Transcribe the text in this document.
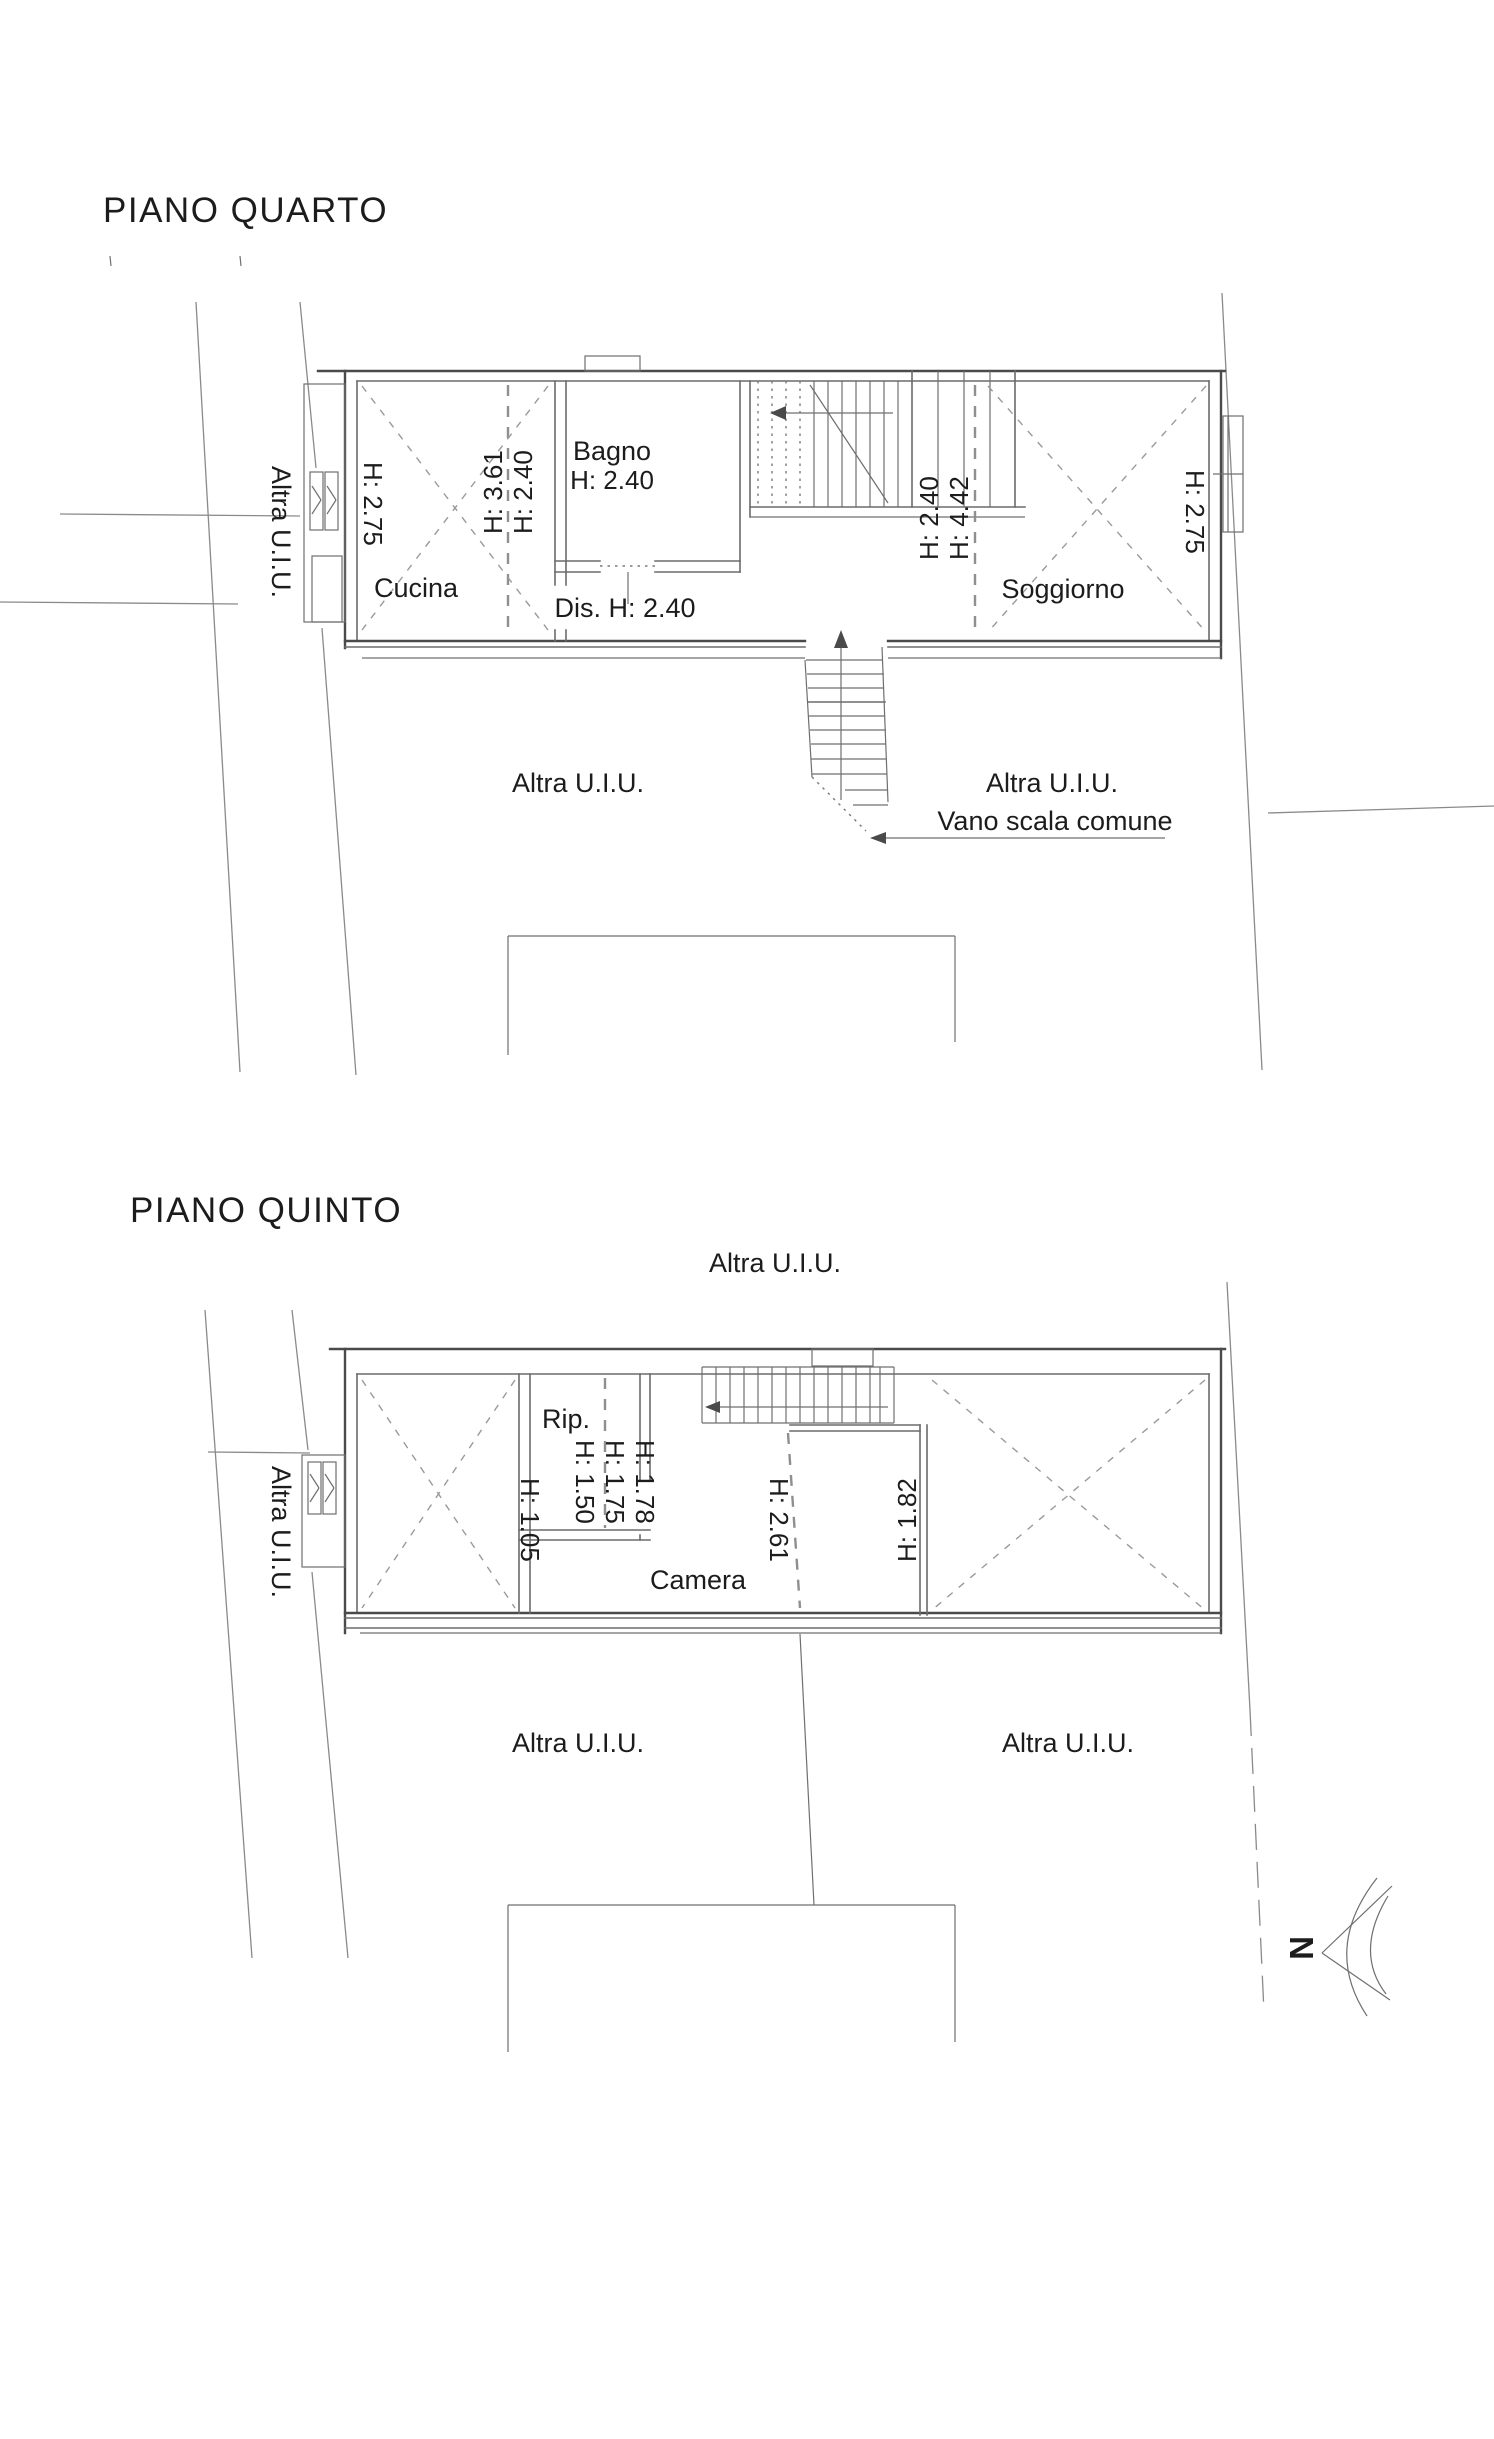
PIANO QUARTO
Cucina
Bagno
H: 2.40
Dis. H: 2.40
Soggiorno
Altra U.I.U. H: 2.75	H: 3.61 H: 2.40	H: 2.40 H: 4.42	H: 2.75
Altra U.I.U.	Altra U.I.U.
Vano scala comune
PIANO QUINTO
Altra U.I.U.
Rip.
Camera
Altra U.I.U.	H: 1.05 H: 1.50 H: 1.75 H: 1.78	H: 2.61	H: 1.82
Altra U.I.U.	Altra U.I.U.
N
